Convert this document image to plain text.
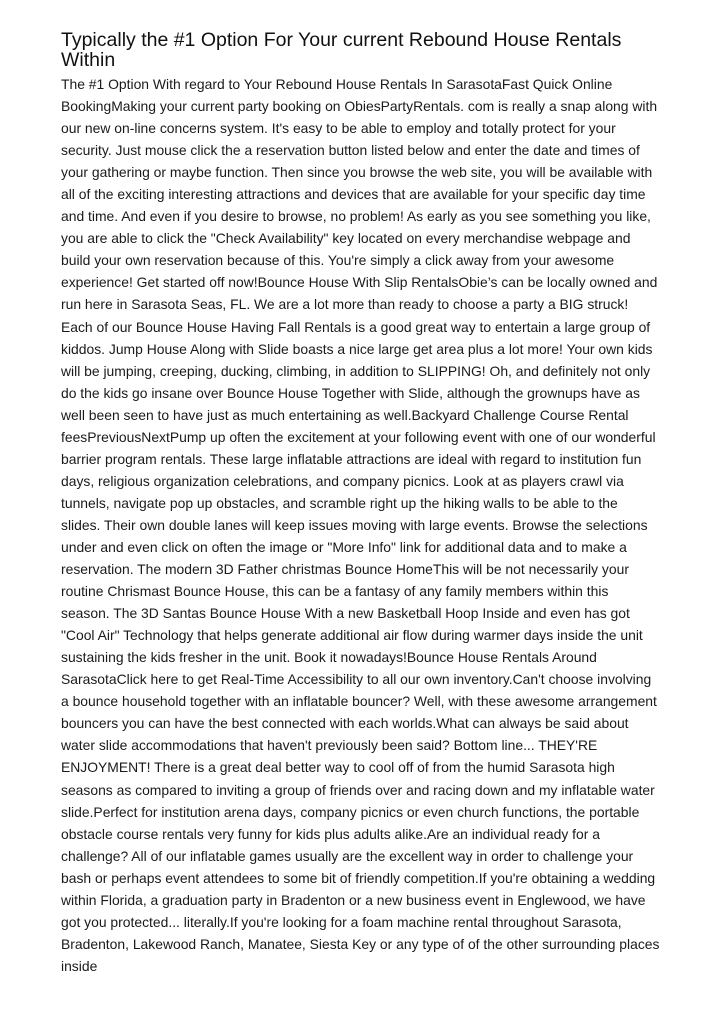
Typically the #1 Option For Your current Rebound House Rentals Within

The #1 Option With regard to Your Rebound House Rentals In SarasotaFast Quick Online BookingMaking your current party booking on ObiesPartyRentals. com is really a snap along with our new on-line concerns system. It's easy to be able to employ and totally protect for your security. Just mouse click the a reservation button listed below and enter the date and times of your gathering or maybe function. Then since you browse the web site, you will be available with all of the exciting interesting attractions and devices that are available for your specific day time and time. And even if you desire to browse, no problem! As early as you see something you like, you are able to click the "Check Availability" key located on every merchandise webpage and build your own reservation because of this. You're simply a click away from your awesome experience! Get started off now!Bounce House With Slip RentalsObie’s can be locally owned and run here in Sarasota Seas, FL. We are a lot more than ready to choose a party a BIG struck! Each of our Bounce House Having Fall Rentals is a good great way to entertain a large group of kiddos. Jump House Along with Slide boasts a nice large get area plus a lot more! Your own kids will be jumping, creeping, ducking, climbing, in addition to SLIPPING! Oh, and definitely not only do the kids go insane over Bounce House Together with Slide, although the grownups have as well been seen to have just as much entertaining as well.Backyard Challenge Course Rental feesPreviousNextPump up often the excitement at your following event with one of our wonderful barrier program rentals. These large inflatable attractions are ideal with regard to institution fun days, religious organization celebrations, and company picnics. Look at as players crawl via tunnels, navigate pop up obstacles, and scramble right up the hiking walls to be able to the slides. Their own double lanes will keep issues moving with large events. Browse the selections under and even click on often the image or "More Info" link for additional data and to make a reservation. The modern 3D Father christmas Bounce HomeThis will be not necessarily your routine Chrismast Bounce House, this can be a fantasy of any family members within this season. The 3D Santas Bounce House With a new Basketball Hoop Inside and even has got "Cool Air" Technology that helps generate additional air flow during warmer days inside the unit sustaining the kids fresher in the unit. Book it nowadays!Bounce House Rentals Around SarasotaClick here to get Real-Time Accessibility to all our own inventory.Can't choose involving a bounce household together with an inflatable bouncer? Well, with these awesome arrangement bouncers you can have the best connected with each worlds.What can always be said about water slide accommodations that haven't previously been said? Bottom line... THEY'RE ENJOYMENT! There is a great deal better way to cool off of from the humid Sarasota high seasons as compared to inviting a group of friends over and racing down and my inflatable water slide.Perfect for institution arena days, company picnics or even church functions, the portable obstacle course rentals very funny for kids plus adults alike.Are an individual ready for a challenge? All of our inflatable games usually are the excellent way in order to challenge your bash or perhaps event attendees to some bit of friendly competition.If you're obtaining a wedding within Florida, a graduation party in Bradenton or a new business event in Englewood, we have got you protected... literally.If you're looking for a foam machine rental throughout Sarasota, Bradenton, Lakewood Ranch, Manatee, Siesta Key or any type of of the other surrounding places inside
